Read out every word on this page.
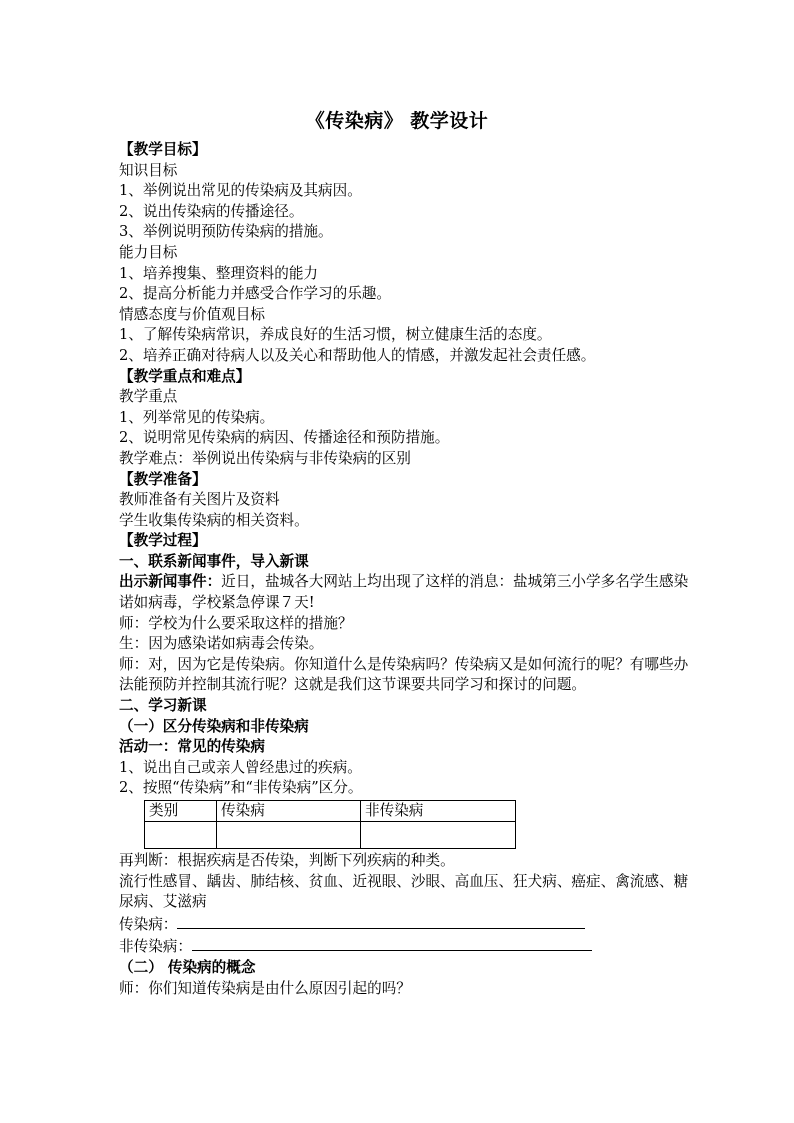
《传染病》 教学设计
【教学目标】
知识目标
1、举例说出常见的传染病及其病因。
2、说出传染病的传播途径。
3、举例说明预防传染病的措施。
能力目标
1、培养搜集、整理资料的能力
2、提高分析能力并感受合作学习的乐趣。
情感态度与价值观目标
1、了解传染病常识，养成良好的生活习惯，树立健康生活的态度。
2、培养正确对待病人以及关心和帮助他人的情感，并激发起社会责任感。
【教学重点和难点】
教学重点
1、列举常见的传染病。
2、说明常见传染病的病因、传播途径和预防措施。
教学难点：举例说出传染病与非传染病的区别
【教学准备】
教师准备有关图片及资料
学生收集传染病的相关资料。
【教学过程】
一、联系新闻事件，导入新课
出示新闻事件：近日，盐城各大网站上均出现了这样的消息：盐城第三小学多名学生感染诺如病毒，学校紧急停课７天!
师：学校为什么要采取这样的措施？
生：因为感染诺如病毒会传染。
师：对，因为它是传染病。你知道什么是传染病吗？传染病又是如何流行的呢？有哪些办法能预防并控制其流行呢？这就是我们这节课要共同学习和探讨的问题。
二、学习新课
（一）区分传染病和非传染病
活动一：常见的传染病
1、说出自己或亲人曾经患过的疾病。
2、按照“传染病”和“非传染病”区分。
类别	传染病	非传染病

再判断：根据疾病是否传染，判断下列疾病的种类。
流行性感冒、龋齿、肺结核、贫血、近视眼、沙眼、高血压、狂犬病、癌症、禽流感、糖尿病、艾滋病
传染病：
非传染病：
（二） 传染病的概念
师：你们知道传染病是由什么原因引起的吗？
